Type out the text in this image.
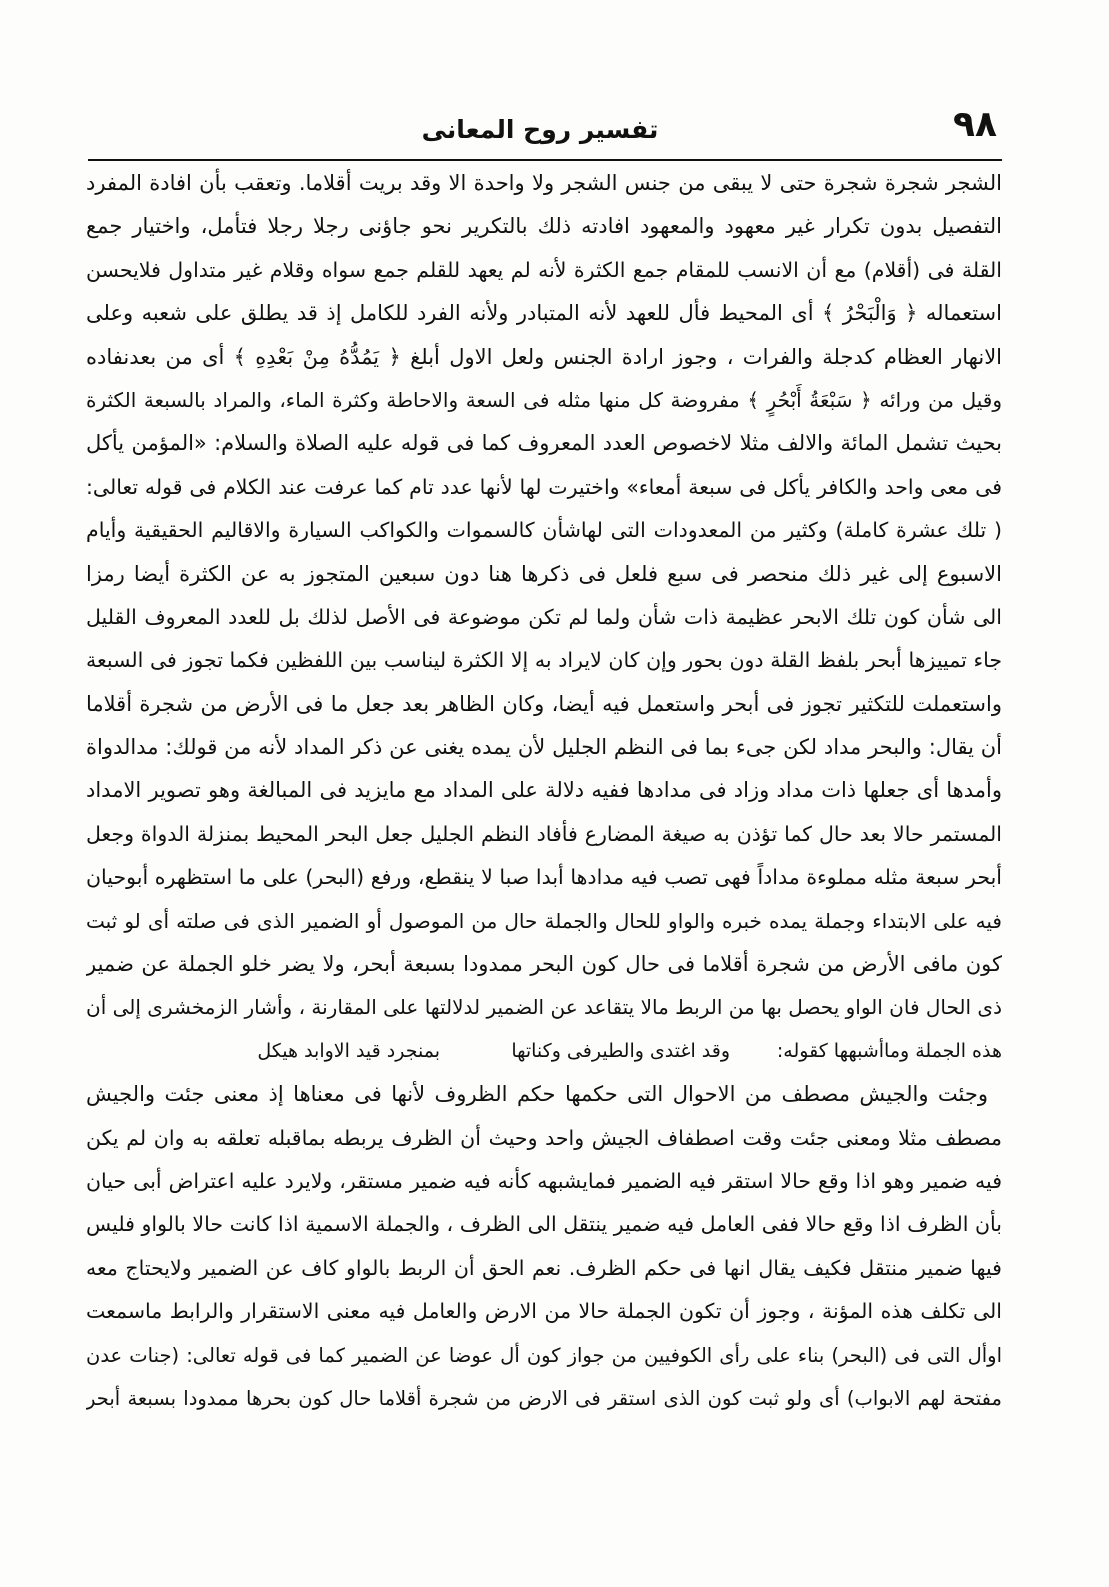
٩٨
تفسير روح المعانى
الشجر شجرة شجرة حتى لا يبقى من جنس الشجر ولا واحدة الا وقد بريت أقلاما. وتعقب بأن افادة المفرد
التفصيل بدون تكرار غير معهود والمعهود افادته ذلك بالتكرير نحو جاؤنى رجلا رجلا فتأمل، واختيار جمع
القلة فى (أقلام) مع أن الانسب للمقام جمع الكثرة لأنه لم يعهد للقلم جمع سواه وقلام غير متداول فلايحسن
استعماله ﴿ وَالْبَحْرُ ﴾ أى المحيط فأل للعهد لأنه المتبادر ولأنه الفرد للكامل إذ قد يطلق على شعبه وعلى
الانهار العظام كدجلة والفرات ، وجوز ارادة الجنس ولعل الاول أبلغ ﴿ يَمُدُّهُ مِنْ بَعْدِهِ ﴾ أى من بعدنفاده
وقيل من ورائه ﴿ سَبْعَةُ أَبْحُرٍ ﴾ مفروضة كل منها مثله فى السعة والاحاطة وكثرة الماء، والمراد بالسبعة الكثرة
بحيث تشمل المائة والالف مثلا لاخصوص العدد المعروف كما فى قوله عليه الصلاة والسلام: «المؤمن يأكل
فى معى واحد والكافر يأكل فى سبعة أمعاء» واختيرت لها لأنها عدد تام كما عرفت عند الكلام فى قوله تعالى:
( تلك عشرة كاملة) وكثير من المعدودات التى لهاشأن كالسموات والكواكب السيارة والاقاليم الحقيقية وأيام
الاسبوع إلى غير ذلك منحصر فى سبع فلعل فى ذكرها هنا دون سبعين المتجوز به عن الكثرة أيضا رمزا
الى شأن كون تلك الابحر عظيمة ذات شأن ولما لم تكن موضوعة فى الأصل لذلك بل للعدد المعروف القليل
جاء تمييزها أبحر بلفظ القلة دون بحور وإن كان لايراد به إلا الكثرة ليناسب بين اللفظين فكما تجوز فى السبعة
واستعملت للتكثير تجوز فى أبحر واستعمل فيه أيضا، وكان الظاهر بعد جعل ما فى الأرض من شجرة أقلاما
أن يقال: والبحر مداد لكن جىء بما فى النظم الجليل لأن يمده يغنى عن ذكر المداد لأنه من قولك: مدالدواة
وأمدها أى جعلها ذات مداد وزاد فى مدادها ففيه دلالة على المداد مع مايزيد فى المبالغة وهو تصوير الامداد
المستمر حالا بعد حال كما تؤذن به صيغة المضارع فأفاد النظم الجليل جعل البحر المحيط بمنزلة الدواة وجعل
أبحر سبعة مثله مملوءة مداداً فهى تصب فيه مدادها أبدا صبا لا ينقطع، ورفع (البحر) على ما استظهره أبوحيان
فيه على الابتداء وجملة يمده خبره والواو للحال والجملة حال من الموصول أو الضمير الذى فى صلته أى لو ثبت
كون مافى الأرض من شجرة أقلاما فى حال كون البحر ممدودا بسبعة أبحر، ولا يضر خلو الجملة عن ضمير
ذى الحال فان الواو يحصل بها من الربط مالا يتقاعد عن الضمير لدلالتها على المقارنة ، وأشار الزمخشرى إلى أن
هذه الجملة وماأشبهها كقوله:
وقد اغتدى والطيرفى وكناتها
بمنجرد قيد الاوابد هيكل
وجئت والجيش مصطف من الاحوال التى حكمها حكم الظروف لأنها فى معناها إذ معنى جئت والجيش
مصطف مثلا ومعنى جئت وقت اصطفاف الجيش واحد وحيث أن الظرف يربطه بماقبله تعلقه به وان لم يكن
فيه ضمير وهو اذا وقع حالا استقر فيه الضمير فمايشبهه كأنه فيه ضمير مستقر، ولايرد عليه اعتراض أبى حيان
بأن الظرف اذا وقع حالا ففى العامل فيه ضمير ينتقل الى الظرف ، والجملة الاسمية اذا كانت حالا بالواو فليس
فيها ضمير منتقل فكيف يقال انها فى حكم الظرف. نعم الحق أن الربط بالواو كاف عن الضمير ولايحتاج معه
الى تكلف هذه المؤنة ، وجوز أن تكون الجملة حالا من الارض والعامل فيه معنى الاستقرار والرابط ماسمعت
اوأل التى فى (البحر) بناء على رأى الكوفيين من جواز كون أل عوضا عن الضمير كما فى قوله تعالى: (جنات عدن
مفتحة لهم الابواب) أى ولو ثبت كون الذى استقر فى الارض من شجرة أقلاما حال كون بحرها ممدودا بسبعة أبحر
